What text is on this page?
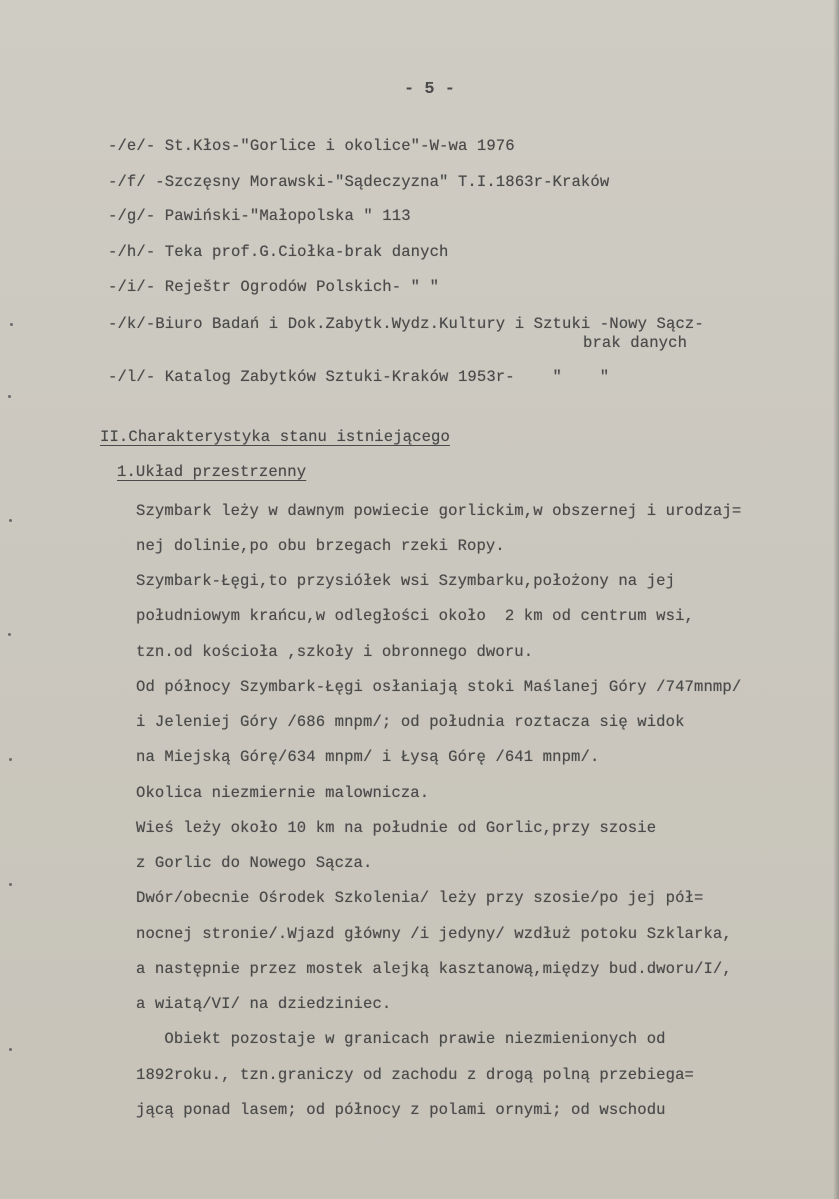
- 5 -
-/e/- St.Kłos-"Gorlice i okolice"-W-wa 1976
-/f/ -Szczęsny Morawski-"Sądeczyzna" T.I.1863r-Kraków
-/g/- Pawiński-"Małopolska " 113
-/h/- Teka prof.G.Ciołka-brak danych
-/i/- Reještr Ogrodów Polskich- " "
-/k/-Biuro Badań i Dok.Zabytk.Wydz.Kultury i Sztuki -Nowy Sącz-
brak danych
-/l/- Katalog Zabytków Sztuki-Kraków 1953r-    "    "
II.Charakterystyka stanu istniejącego
1.Układ przestrzenny
Szymbark leży w dawnym powiecie gorlickim,w obszernej i urodzaj=
nej dolinie,po obu brzegach rzeki Ropy.
Szymbark-Łęgi,to przysiółek wsi Szymbarku,położony na jej
południowym krańcu,w odległości około  2 km od centrum wsi,
tzn.od kościoła ,szkoły i obronnego dworu.
Od północy Szymbark-Łęgi osłaniają stoki Maślanej Góry /747mnmp/
i Jeleniej Góry /686 mnpm/; od południa roztacza się widok
na Miejską Górę/634 mnpm/ i Łysą Górę /641 mnpm/.
Okolica niezmiernie malownicza.
Wieś leży około 10 km na południe od Gorlic,przy szosie
z Gorlic do Nowego Sącza.
Dwór/obecnie Ośrodek Szkolenia/ leży przy szosie/po jej pół=
nocnej stronie/.Wjazd główny /i jedyny/ wzdłuż potoku Szklarka,
a następnie przez mostek alejką kasztanową,między bud.dworu/I/,
a wiatą/VI/ na dziedziniec.
Obiekt pozostaje w granicach prawie niezmienionych od
1892roku., tzn.graniczy od zachodu z drogą polną przebiega=
jącą ponad lasem; od północy z polami ornymi; od wschodu
